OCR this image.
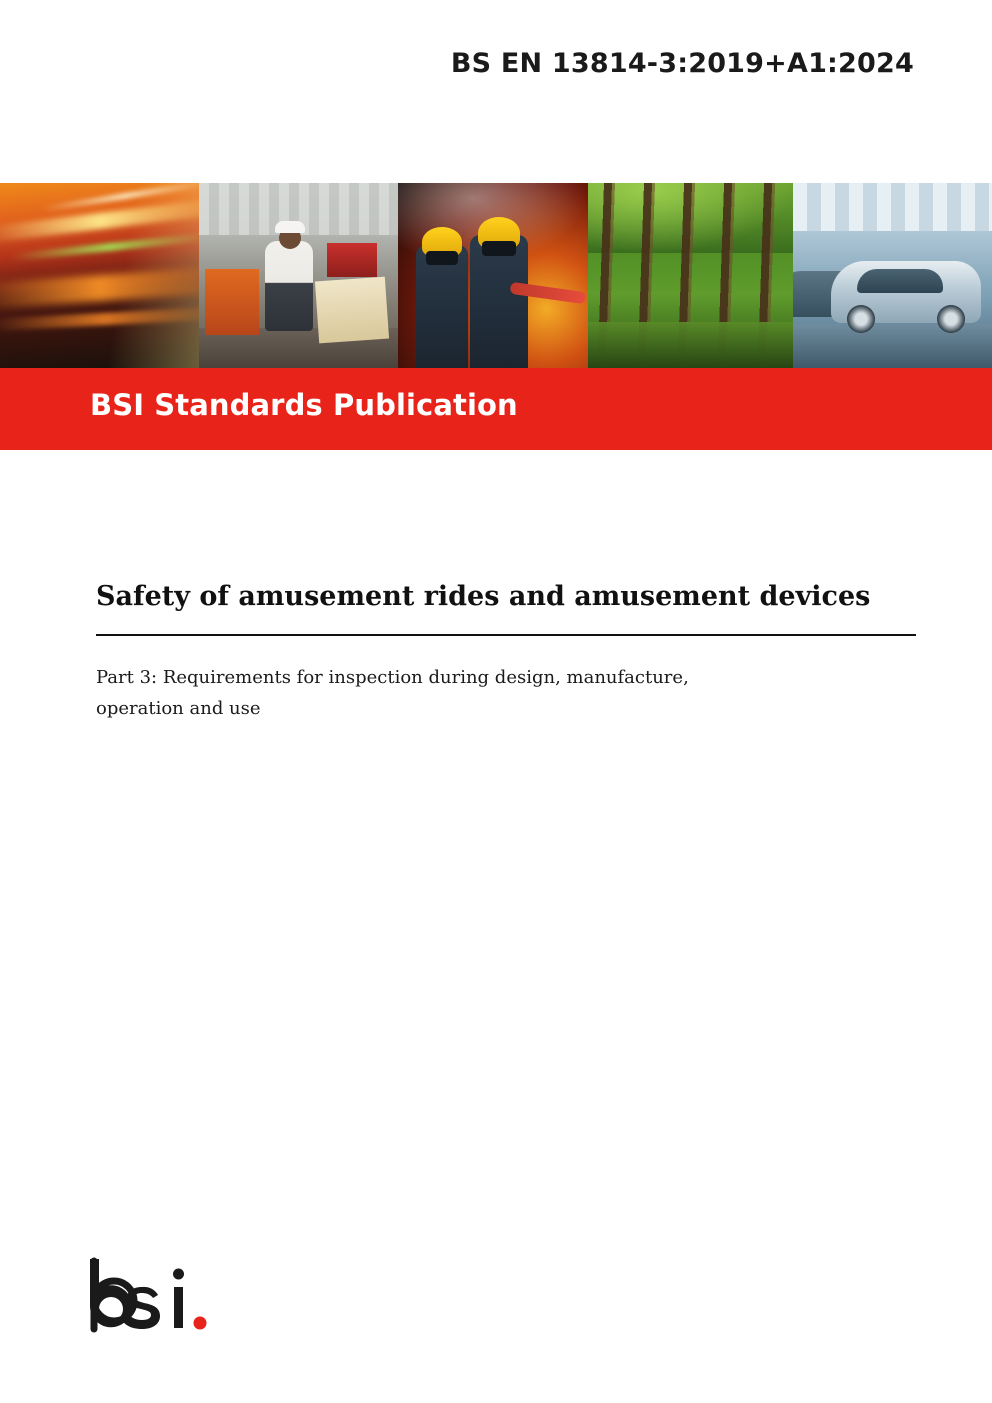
BS EN 13814-3:2019+A1:2024
BSI Standards Publication
Safety of amusement rides and amusement devices
Part 3: Requirements for inspection during design, manufacture, operation and use
